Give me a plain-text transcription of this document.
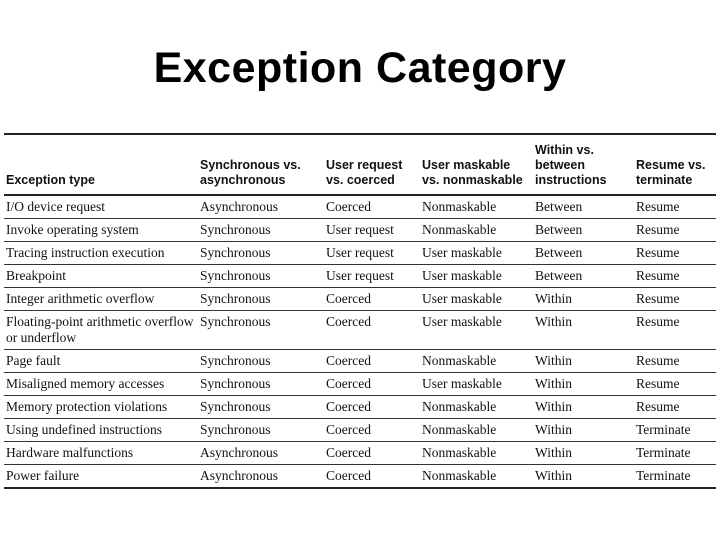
Exception Category
Exception type	Synchronous vs. asynchronous	User request vs. coerced	User maskable vs. nonmaskable	Within vs. between instructions	Resume vs. terminate
I/O device request	Asynchronous	Coerced	Nonmaskable	Between	Resume
Invoke operating system	Synchronous	User request	Nonmaskable	Between	Resume
Tracing instruction execution	Synchronous	User request	User maskable	Between	Resume
Breakpoint	Synchronous	User request	User maskable	Between	Resume
Integer arithmetic overflow	Synchronous	Coerced	User maskable	Within	Resume
Floating-point arithmetic overflow or underflow	Synchronous	Coerced	User maskable	Within	Resume
Page fault	Synchronous	Coerced	Nonmaskable	Within	Resume
Misaligned memory accesses	Synchronous	Coerced	User maskable	Within	Resume
Memory protection violations	Synchronous	Coerced	Nonmaskable	Within	Resume
Using undefined instructions	Synchronous	Coerced	Nonmaskable	Within	Terminate
Hardware malfunctions	Asynchronous	Coerced	Nonmaskable	Within	Terminate
Power failure	Asynchronous	Coerced	Nonmaskable	Within	Terminate
